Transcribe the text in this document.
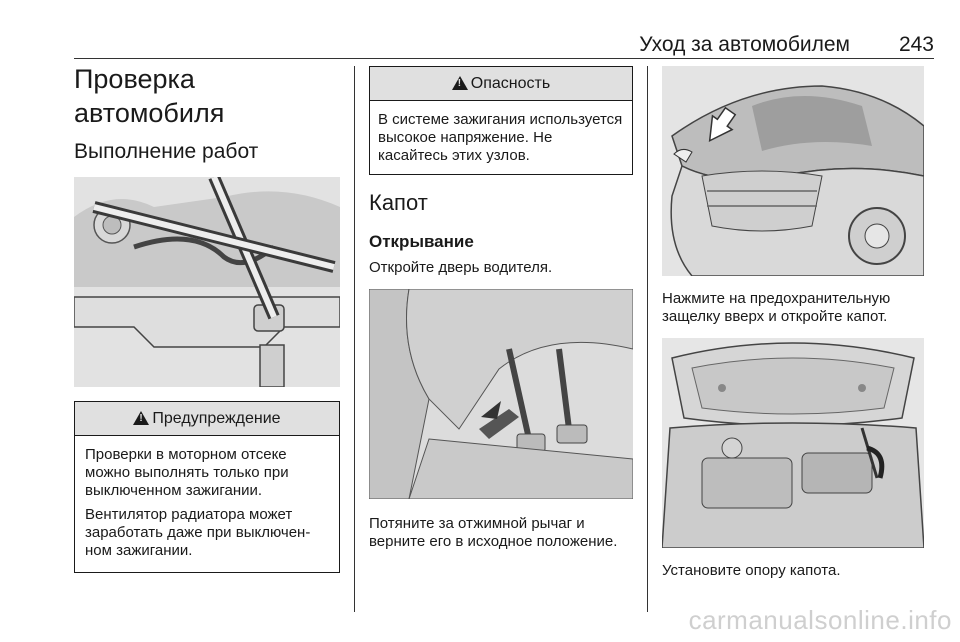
Уход за автомобилем 243
Проверка автомобиля
Выполнение работ
!
Предупреждение

Проверки в моторном отсеке можно выполнять только при выключенном зажигании.

Вентилятор радиатора может заработать даже при выключенном зажигании.

!
Опасность

В системе зажигания используется высокое напряжение. Не касайтесь этих узлов.

Капот
Открывание

Откройте дверь водителя.

Потяните за отжимной рычаг и верните его в исходное положение.

Нажмите на предохранительную защелку вверх и откройте капот.

Установите опору капота.

carmanualsonline.info
